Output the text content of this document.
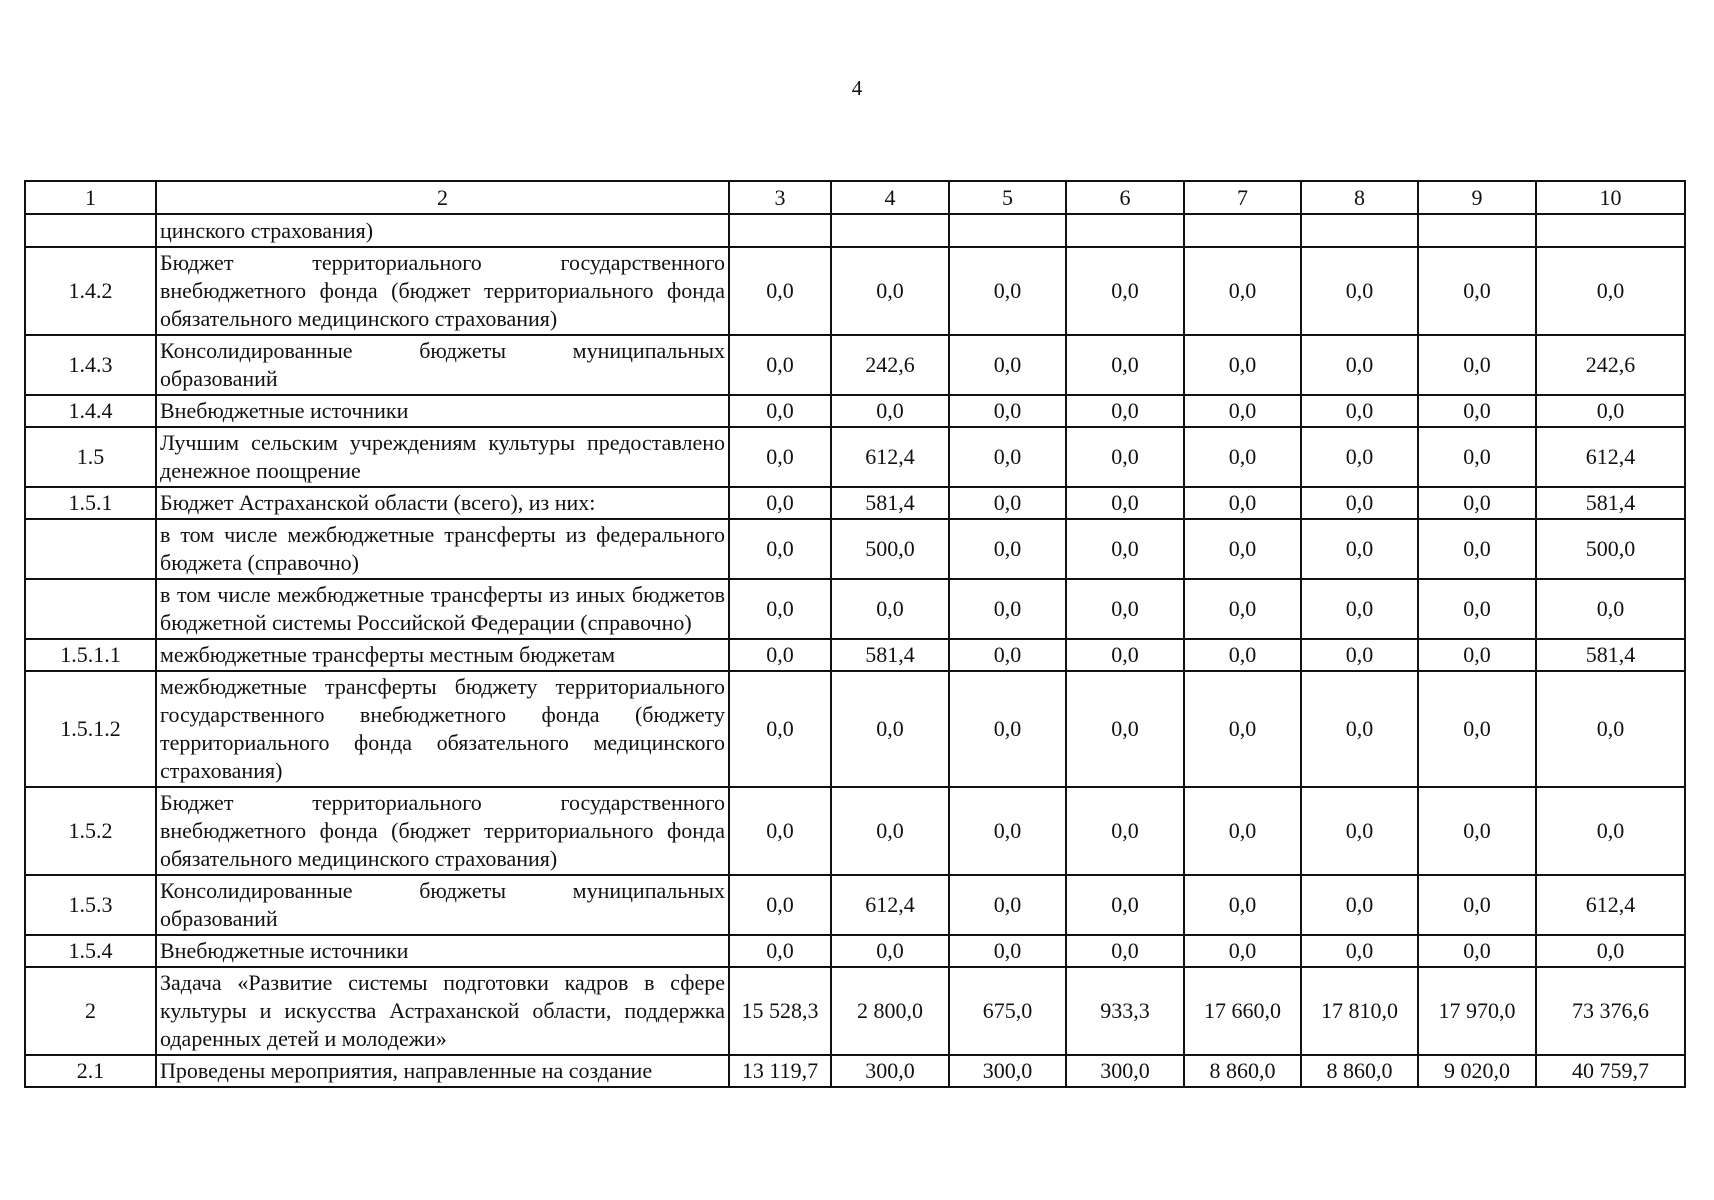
4
1	2	3	4	5	6	7	8	9	10
	цинского страхования)								
1.4.2	Бюджет территориального государственного внебюджетного фонда (бюджет территориального фонда обязательного медицинского страхования)	0,0	0,0	0,0	0,0	0,0	0,0	0,0	0,0
1.4.3	Консолидированные бюджеты муниципальных образований	0,0	242,6	0,0	0,0	0,0	0,0	0,0	242,6
1.4.4	Внебюджетные источники	0,0	0,0	0,0	0,0	0,0	0,0	0,0	0,0
1.5	Лучшим сельским учреждениям культуры предоставлено денежное поощрение	0,0	612,4	0,0	0,0	0,0	0,0	0,0	612,4
1.5.1	Бюджет Астраханской области (всего), из них:	0,0	581,4	0,0	0,0	0,0	0,0	0,0	581,4
	в том числе межбюджетные трансферты из федерального бюджета (справочно)	0,0	500,0	0,0	0,0	0,0	0,0	0,0	500,0
	в том числе межбюджетные трансферты из иных бюджетов бюджетной системы Российской Федерации (справочно)	0,0	0,0	0,0	0,0	0,0	0,0	0,0	0,0
1.5.1.1	межбюджетные трансферты местным бюджетам	0,0	581,4	0,0	0,0	0,0	0,0	0,0	581,4
1.5.1.2	межбюджетные трансферты бюджету территориального государственного внебюджетного фонда (бюджету территориального фонда обязательного медицинского страхования)	0,0	0,0	0,0	0,0	0,0	0,0	0,0	0,0
1.5.2	Бюджет территориального государственного внебюджетного фонда (бюджет территориального фонда обязательного медицинского страхования)	0,0	0,0	0,0	0,0	0,0	0,0	0,0	0,0
1.5.3	Консолидированные бюджеты муниципальных образований	0,0	612,4	0,0	0,0	0,0	0,0	0,0	612,4
1.5.4	Внебюджетные источники	0,0	0,0	0,0	0,0	0,0	0,0	0,0	0,0
2	Задача «Развитие системы подготовки кадров в сфере культуры и искусства Астраханской области, поддержка одаренных детей и молодежи»	15 528,3	2 800,0	675,0	933,3	17 660,0	17 810,0	17 970,0	73 376,6
2.1	Проведены мероприятия, направленные на создание	13 119,7	300,0	300,0	300,0	8 860,0	8 860,0	9 020,0	40 759,7
